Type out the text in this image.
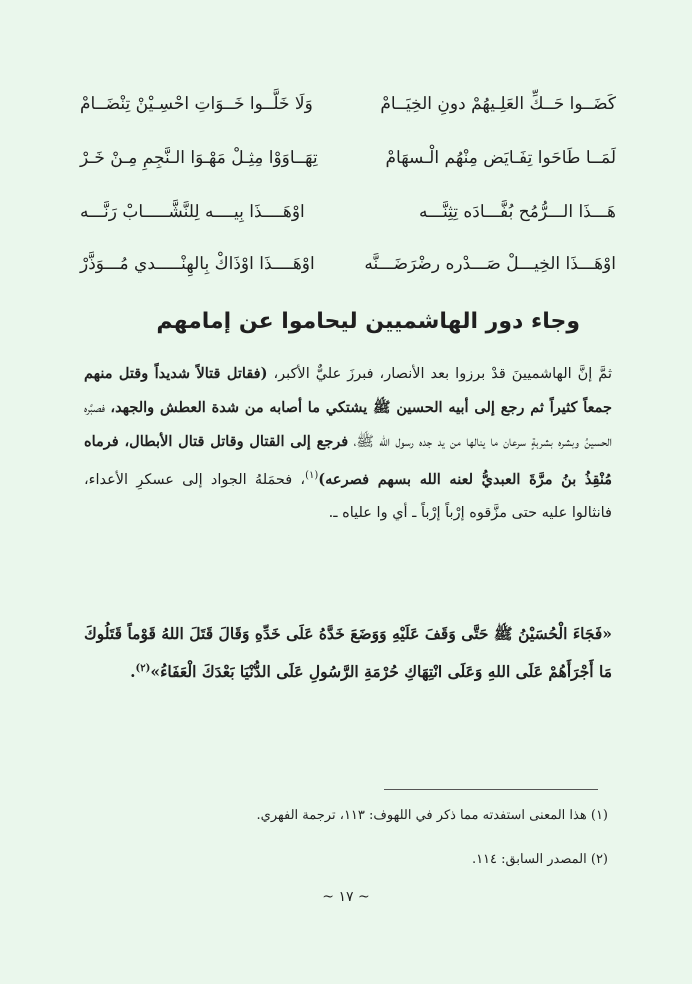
كَضَــوا حَــكِّ العَلِـيهُمْ دونِ الخِيَــامْ
وَلَا خَلَّــوا خَــوَاتِ احْسِـيْنْ تِنْضَــامْ
لَمَــا طَاحَوا تِفَـايَض مِنْهُم الْـسهَامْ
تِهَــاوَوْا مِثِـلْ مَهْـوَا الـنَّجِمِ مِـنْ خَـرْ
هَـــذَا الـــرُّمُح بُفَّـــادَه تِثِنَّـــه
اوْهَــــذَا بِيــــه لِلنَّشَّـــــابْ رَنَّـــه
اوْهَـــذَا الخِيـــلْ صَـــدْره رضْرَضَـــنَّه
اوْهَــــذَا اوْذَاكْ بِالهِنْـــــدي مُـــوَذَّرْ
وجاء دور الهاشميين ليحاموا عن إمامهم
ثمَّ إنَّ الهاشميينَ قدْ برزوا بعد الأنصار، فبرزَ عليٌّ الأكبر، (فقاتل قتالاً شديداً وقتل منهم جمعاً كثيراً ثم رجع إلى أبيه الحسين ﷺ يشتكي ما أصابه من شدة العطش والجهد، فصبَّره الحسينُ وبشره بشربةٍ سرعان ما ينالها من يد جده رسول الله ﷺ، فرجع إلى القتال وقاتل قتال الأبطال، فرماه مُنْقِذُ بنُ مرَّةَ العبديُّ لعنه الله بسهم فصرعه)$^{(١)}$، فحمَلهُ الجواد إلى عسكرِ الأعداء، فانثالوا عليه حتى مزَّقوه إرْباً إرْباً ـ أي وا علياه ـ.
«فَجَاءَ الْحُسَيْنُ ﷺ حَتَّى وَقَفَ عَلَيْهِ وَوَضَعَ خَدَّهُ عَلَى خَدِّهِ وَقَالَ قَتَلَ اللهُ قَوْماً قَتَلُوكَ مَا أَجْرَأَهُمْ عَلَى اللهِ وَعَلَى انْتِهَاكِ حُرْمَةِ الرَّسُولِ عَلَى الدُّنْيَا بَعْدَكَ الْعَفَاءُ»$^{(٢)}$.
(١) هذا المعنى استفدته مما ذكر في اللهوف: ١١٣، ترجمة الفهري.
(٢) المصدر السابق: ١١٤.
~ ١٧ ~
